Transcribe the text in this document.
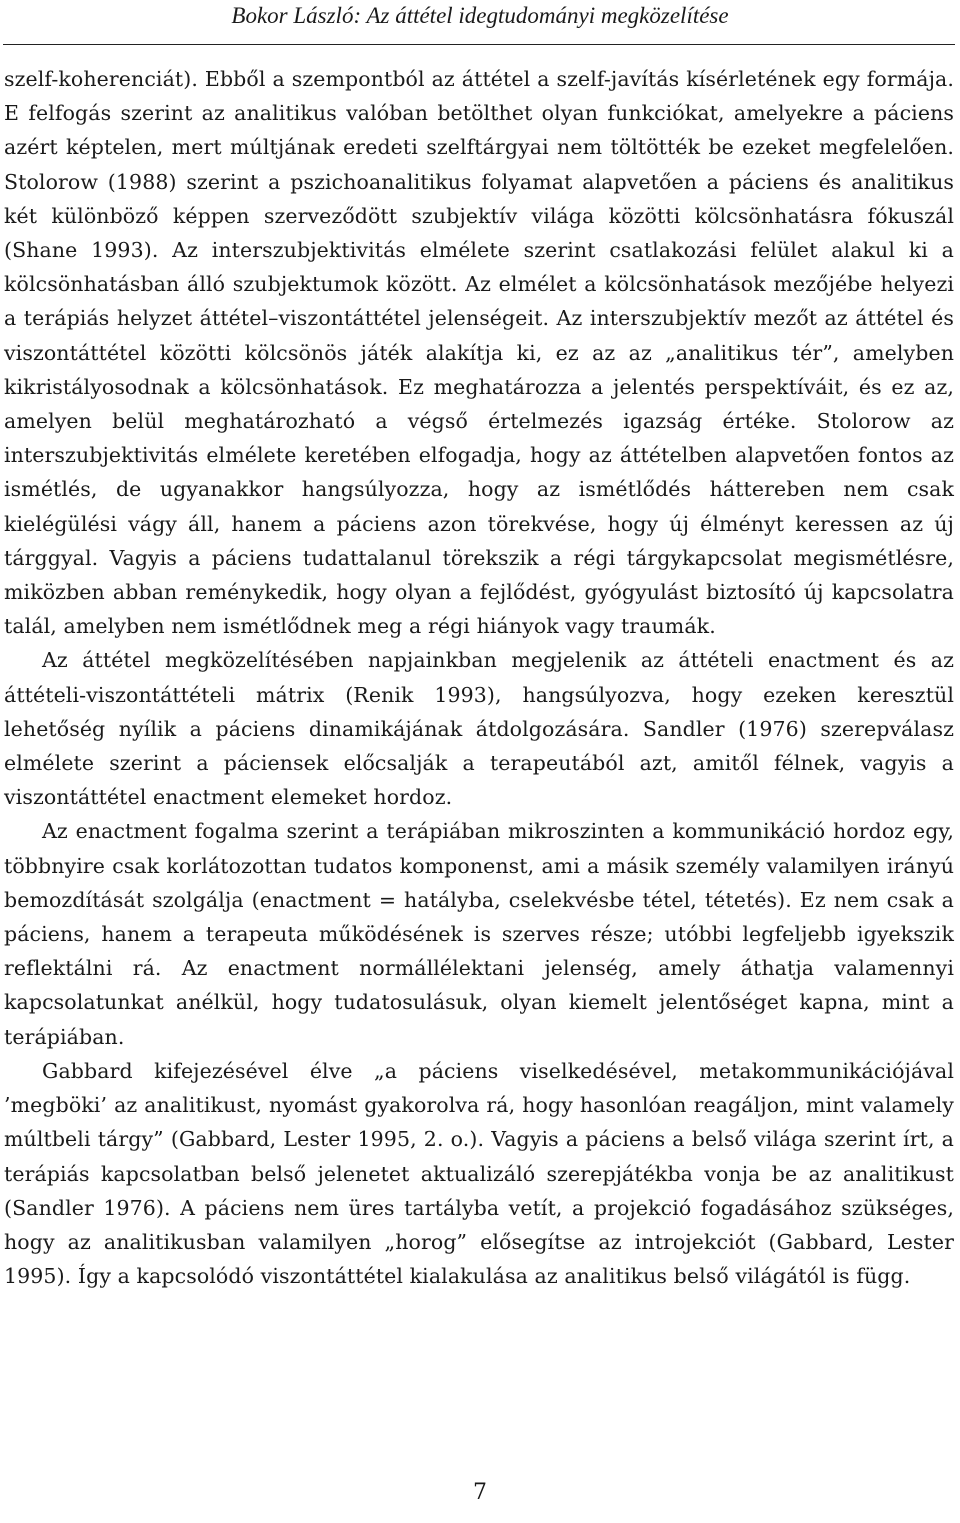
Bokor László: Az áttétel idegtudományi megközelítése

szelf-koherenciát). Ebből a szempontból az áttétel a szelf-javítás kísérletének egy formája. E felfogás szerint az analitikus valóban betölthet olyan funkciókat, amelyekre a páciens azért képtelen, mert múltjának eredeti szelftárgyai nem töltötték be ezeket megfelelően. Stolorow (1988) szerint a pszichoanalitikus folyamat alapvetően a páciens és analitikus két különböző képpen szerveződött szubjektív világa közötti kölcsönhatásra fókuszál (Shane 1993). Az interszubjektivitás elmélete szerint csatlakozási felület alakul ki a kölcsönhatásban álló szubjektumok között. Az elmélet a kölcsönhatások mezőjébe helyezi a terápiás helyzet áttétel–viszontáttétel jelenségeit. Az interszubjektív mezőt az áttétel és viszontáttétel közötti kölcsönös játék alakítja ki, ez az az „analitikus tér”, amelyben kikristályosodnak a kölcsönhatások. Ez meghatározza a jelentés perspektíváit, és ez az, amelyen belül meghatározható a végső értelmezés igazság értéke. Stolorow az interszubjektivitás elmélete keretében elfogadja, hogy az áttételben alapvetően fontos az ismétlés, de ugyanakkor hangsúlyozza, hogy az ismétlődés háttereben nem csak kielégülési vágy áll, hanem a páciens azon törekvése, hogy új élményt keressen az új tárggyal. Vagyis a páciens tudattalanul törekszik a régi tárgykapcsolat megismétlésre, miközben abban reménykedik, hogy olyan a fejlődést, gyógyulást biztosító új kapcsolatra talál, amelyben nem ismétlődnek meg a régi hiányok vagy traumák.

Az áttétel megközelítésében napjainkban megjelenik az áttételi enactment és az áttételi-viszontáttételi mátrix (Renik 1993), hangsúlyozva, hogy ezeken keresztül lehetőség nyílik a páciens dinamikájának átdolgozására. Sandler (1976) szerepválasz elmélete szerint a páciensek előcsalják a terapeutából azt, amitől félnek, vagyis a viszontáttétel enactment elemeket hordoz.

Az enactment fogalma szerint a terápiában mikroszinten a kommunikáció hordoz egy, többnyire csak korlátozottan tudatos komponenst, ami a másik személy valamilyen irányú bemozdítását szolgálja (enactment = hatályba, cselekvésbe tétel, tétetés). Ez nem csak a páciens, hanem a terapeuta működésének is szerves része; utóbbi legfeljebb igyekszik reflektálni rá. Az enactment normállélektani jelenség, amely áthatja valamennyi kapcsolatunkat anélkül, hogy tudatosulásuk, olyan kiemelt jelentőséget kapna, mint a terápiában.

Gabbard kifejezésével élve „a páciens viselkedésével, metakommunikációjával ’megböki’ az analitikust, nyomást gyakorolva rá, hogy hasonlóan reagáljon, mint valamely múltbeli tárgy” (Gabbard, Lester 1995, 2. o.). Vagyis a páciens a belső világa szerint írt, a terápiás kapcsolatban belső jelenetet aktualizáló szerepjátékba vonja be az analitikust (Sandler 1976). A páciens nem üres tartályba vetít, a projekció fogadásához szükséges, hogy az analitikusban valamilyen „horog” elősegítse az introjekciót (Gabbard, Lester 1995). Így a kapcsolódó viszontáttétel kialakulása az analitikus belső világától is függ.

7
